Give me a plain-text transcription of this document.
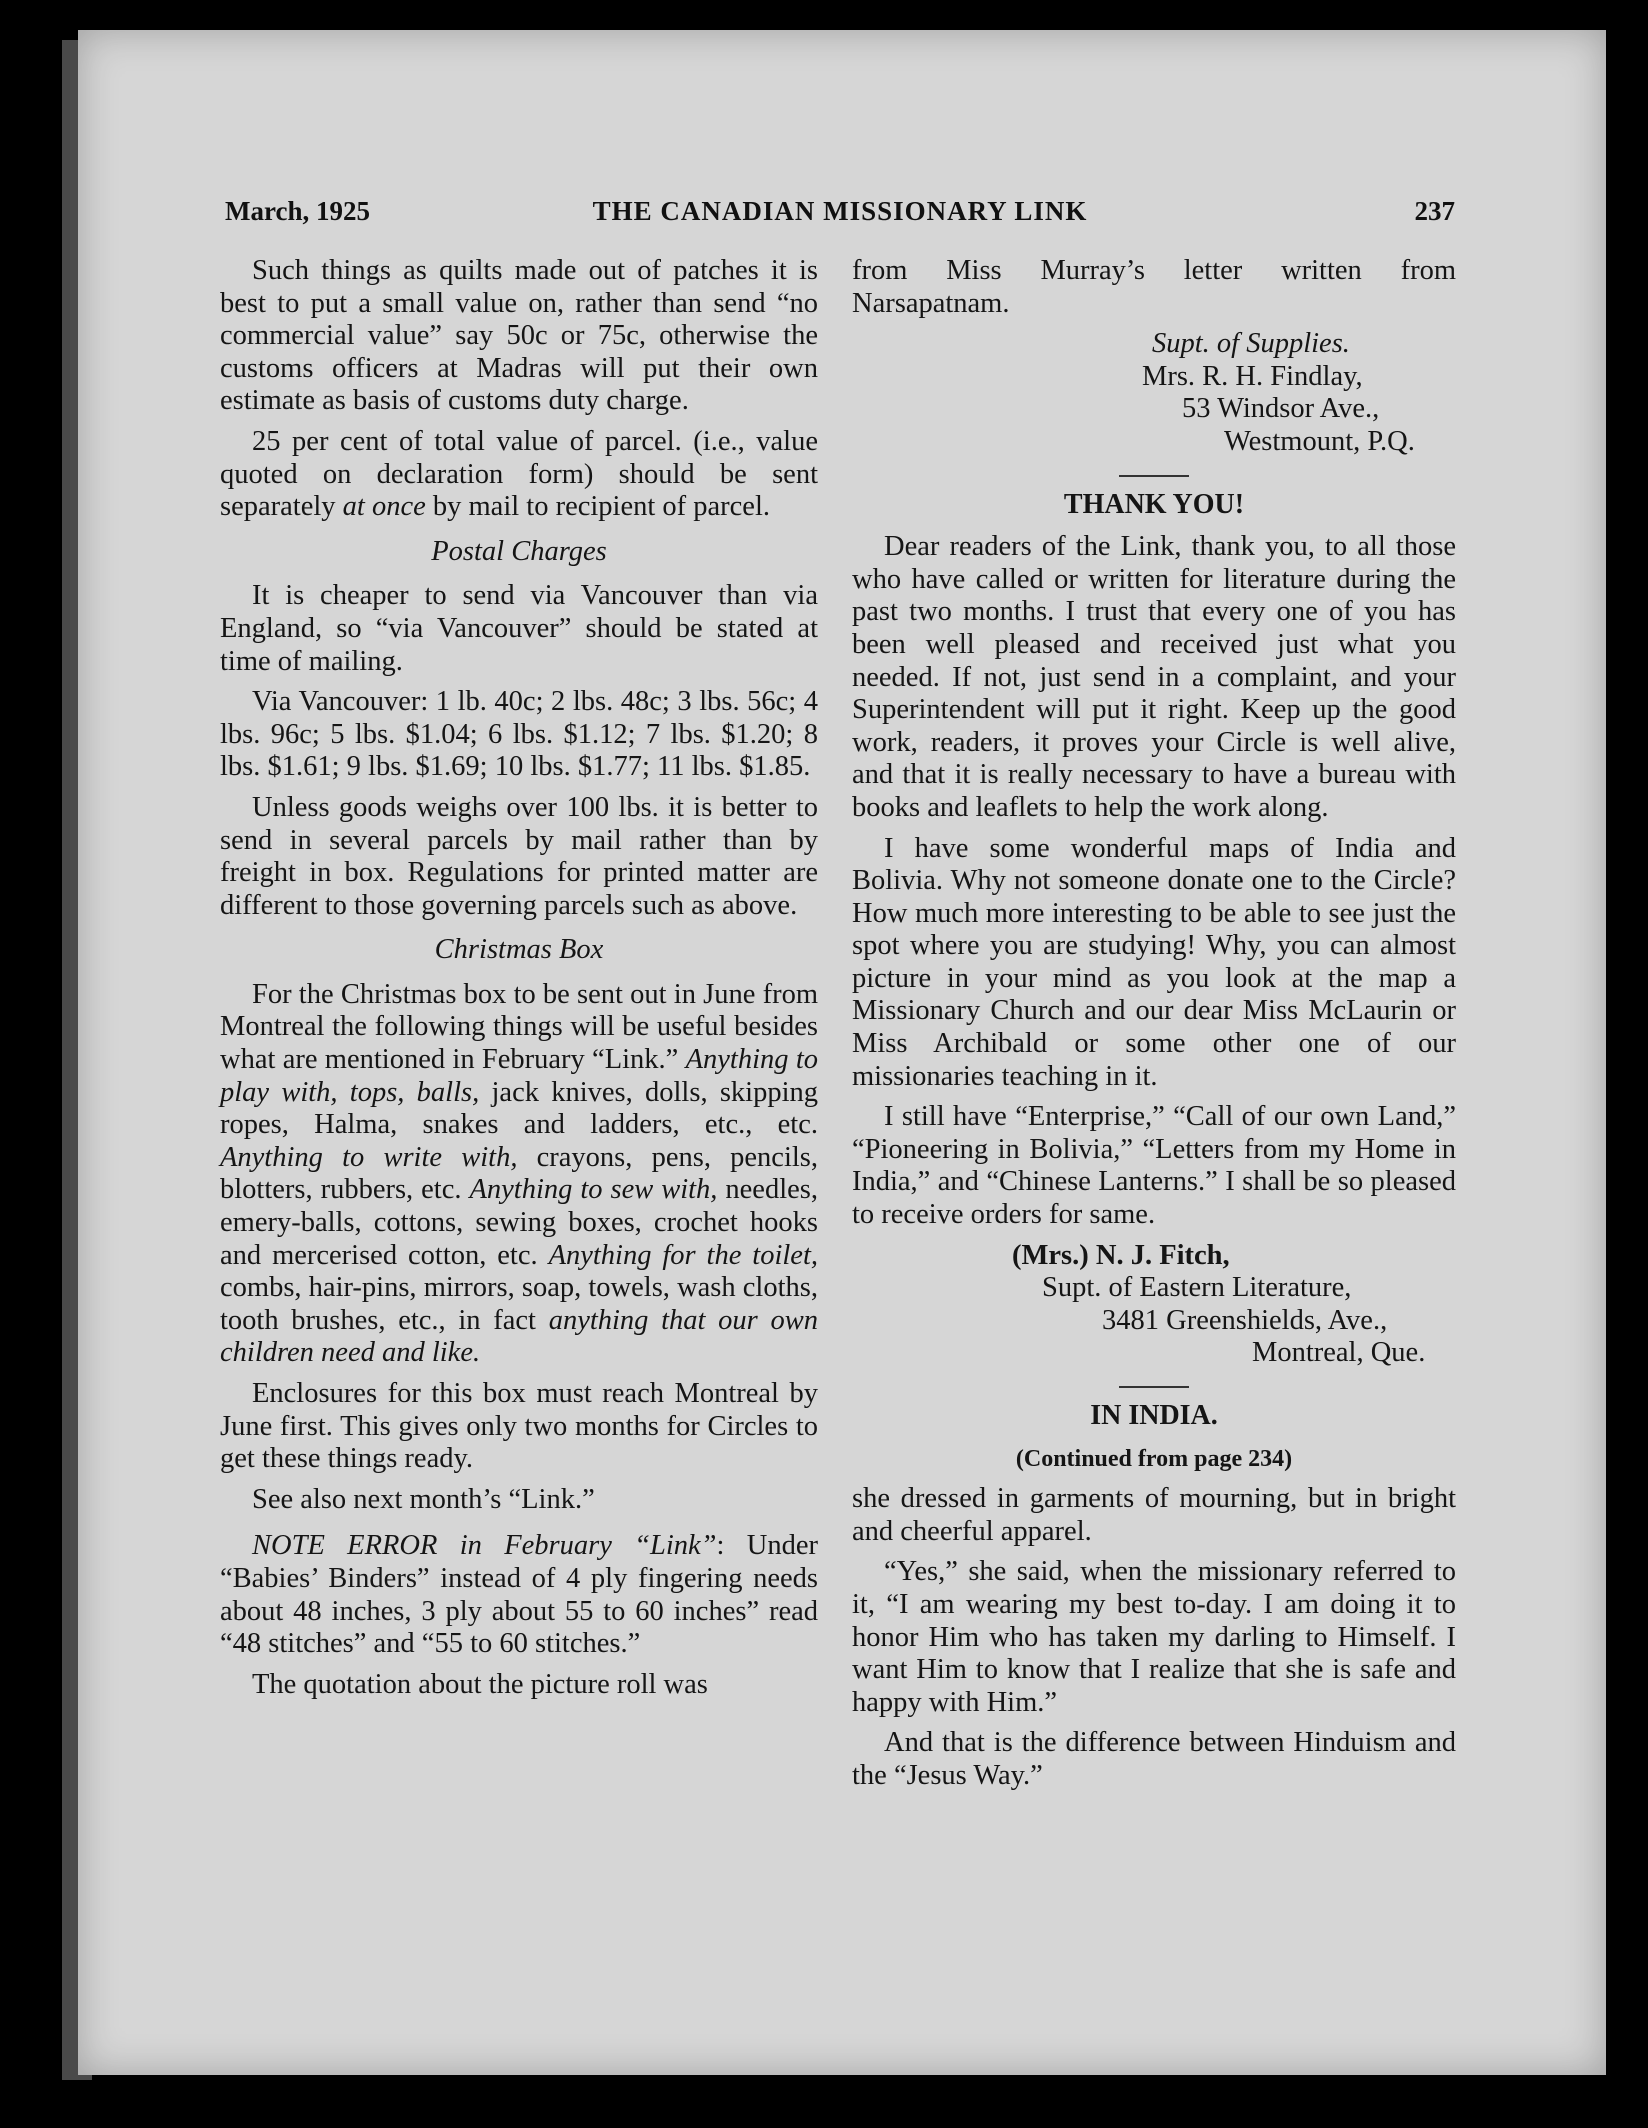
March, 1925	THE CANADIAN MISSIONARY LINK	237

Such things as quilts made out of patches it is best to put a small value on, rather than send “no commercial value” say 50c or 75c, otherwise the customs officers at Madras will put their own estimate as basis of customs duty charge.

25 per cent of total value of parcel. (i.e., value quoted on declaration form) should be sent separately at once by mail to recipient of parcel.

Postal Charges

It is cheaper to send via Vancouver than via England, so “via Vancouver” should be stated at time of mailing.

Via Vancouver: 1 lb. 40c; 2 lbs. 48c; 3 lbs. 56c; 4 lbs. 96c; 5 lbs. $1.04; 6 lbs. $1.12; 7 lbs. $1.20; 8 lbs. $1.61; 9 lbs. $1.69; 10 lbs. $1.77; 11 lbs. $1.85.

Unless goods weighs over 100 lbs. it is better to send in several parcels by mail rather than by freight in box. Regulations for printed matter are different to those governing parcels such as above.

Christmas Box

For the Christmas box to be sent out in June from Montreal the following things will be useful besides what are mentioned in February “Link.” Anything to play with, tops, balls, jack knives, dolls, skipping ropes, Halma, snakes and ladders, etc., etc. Anything to write with, crayons, pens, pencils, blotters, rubbers, etc. Anything to sew with, needles, emery-balls, cottons, sewing boxes, crochet hooks and mercerised cotton, etc. Anything for the toilet, combs, hair-pins, mirrors, soap, towels, wash cloths, tooth brushes, etc., in fact anything that our own children need and like.

Enclosures for this box must reach Montreal by June first. This gives only two months for Circles to get these things ready.

See also next month’s “Link.”

NOTE ERROR in February “Link”: Under “Babies’ Binders” instead of 4 ply fingering needs about 48 inches, 3 ply about 55 to 60 inches” read “48 stitches” and “55 to 60 stitches.”

The quotation about the picture roll was

from Miss Murray’s letter written from Narsapatnam.

Supt. of Supplies.

Mrs. R. H. Findlay,

53 Windsor Ave.,

Westmount, P.Q.

THANK YOU!

Dear readers of the Link, thank you, to all those who have called or written for literature during the past two months. I trust that every one of you has been well pleased and received just what you needed. If not, just send in a complaint, and your Superintendent will put it right. Keep up the good work, readers, it proves your Circle is well alive, and that it is really necessary to have a bureau with books and leaflets to help the work along.

I have some wonderful maps of India and Bolivia. Why not someone donate one to the Circle? How much more interesting to be able to see just the spot where you are studying! Why, you can almost picture in your mind as you look at the map a Missionary Church and our dear Miss McLaurin or Miss Archibald or some other one of our missionaries teaching in it.

I still have “Enterprise,” “Call of our own Land,” “Pioneering in Bolivia,” “Letters from my Home in India,” and “Chinese Lanterns.” I shall be so pleased to receive orders for same.

(Mrs.) N. J. Fitch,

Supt. of Eastern Literature,

3481 Greenshields, Ave.,

Montreal, Que.

IN INDIA.

(Continued from page 234)

she dressed in garments of mourning, but in bright and cheerful apparel.

“Yes,” she said, when the missionary referred to it, “I am wearing my best to-day. I am doing it to honor Him who has taken my darling to Himself. I want Him to know that I realize that she is safe and happy with Him.”

And that is the difference between Hinduism and the “Jesus Way.”
